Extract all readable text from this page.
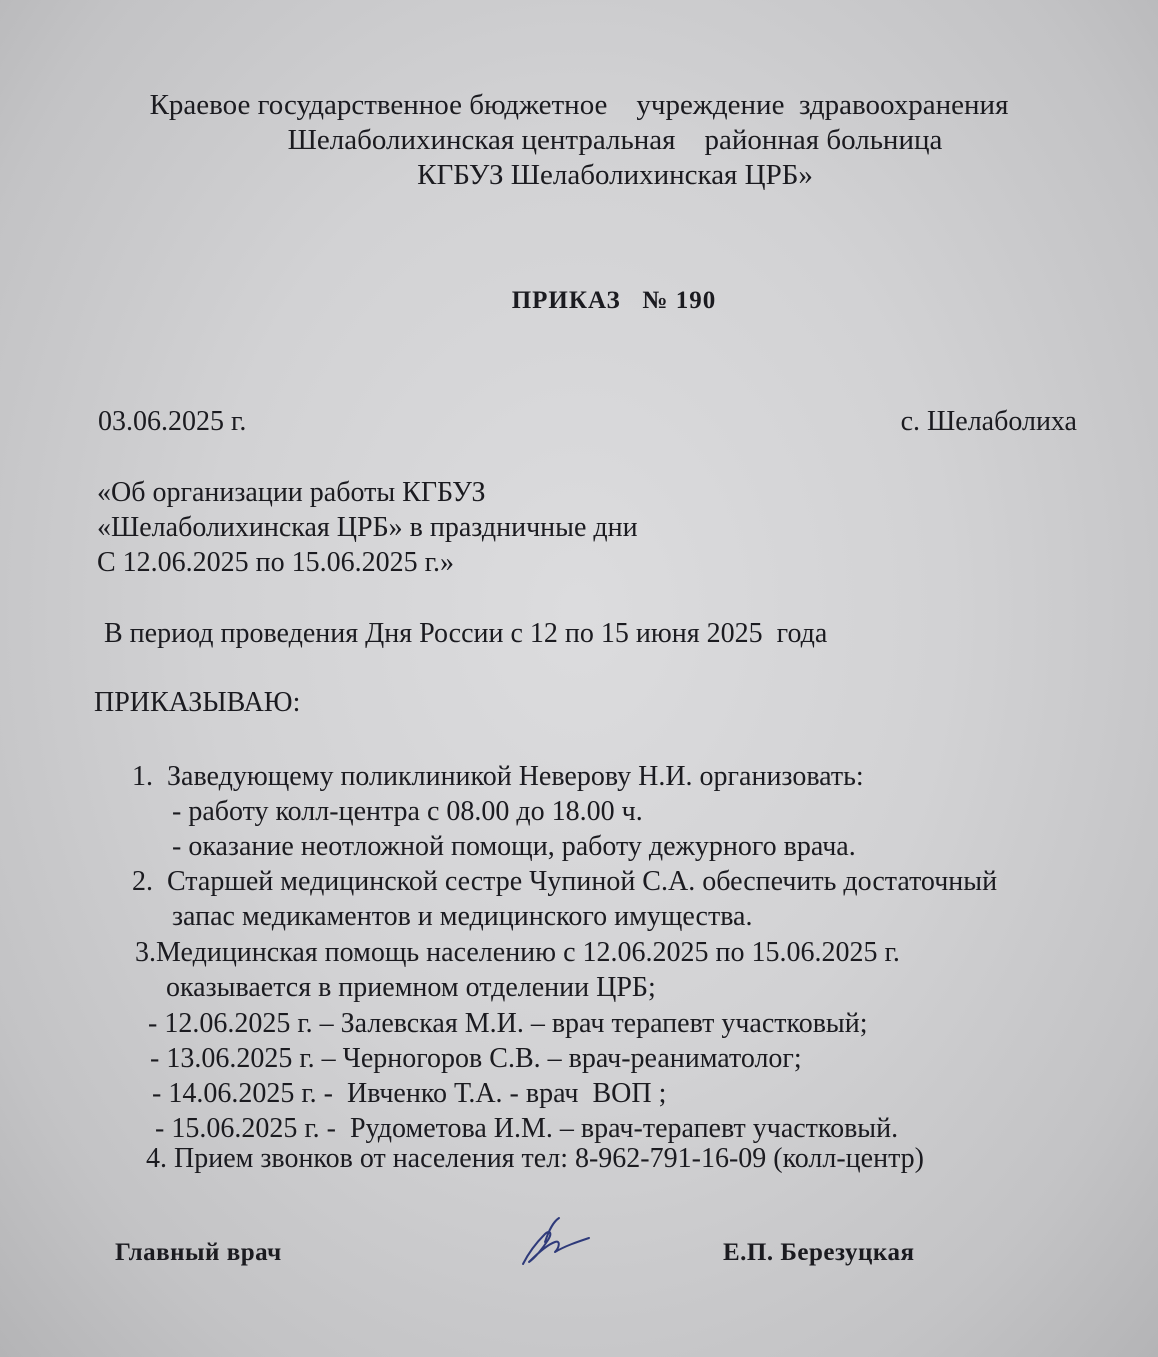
Краевое государственное бюджетное    учреждение  здравоохранения
Шелаболихинская центральная    районная больница
КГБУЗ Шелаболихинская ЦРБ»
ПРИКАЗ   № 190
03.06.2025 г.	с. Шелаболиха
«Об организации работы КГБУЗ
«Шелаболихинская ЦРБ» в праздничные дни
С 12.06.2025 по 15.06.2025 г.»
В период проведения Дня России с 12 по 15 июня 2025  года
ПРИКАЗЫВАЮ:
1.  Заведующему поликлиникой Неверову Н.И. организовать:
- работу колл-центра с 08.00 до 18.00 ч.
- оказание неотложной помощи, работу дежурного врача.
2.  Старшей медицинской сестре Чупиной С.А. обеспечить достаточный
запас медикаментов и медицинского имущества.
3.Медицинская помощь населению с 12.06.2025 по 15.06.2025 г.
оказывается в приемном отделении ЦРБ;
- 12.06.2025 г. – Залевская М.И. – врач терапевт участковый;
- 13.06.2025 г. – Черногоров С.В. – врач-реаниматолог;
- 14.06.2025 г. -  Ивченко Т.А. - врач  ВОП ;
- 15.06.2025 г. -  Рудометова И.М. – врач-терапевт участковый.
4. Прием звонков от населения тел: 8-962-791-16-09 (колл-центр)
Главный врач	Е.П. Березуцкая
